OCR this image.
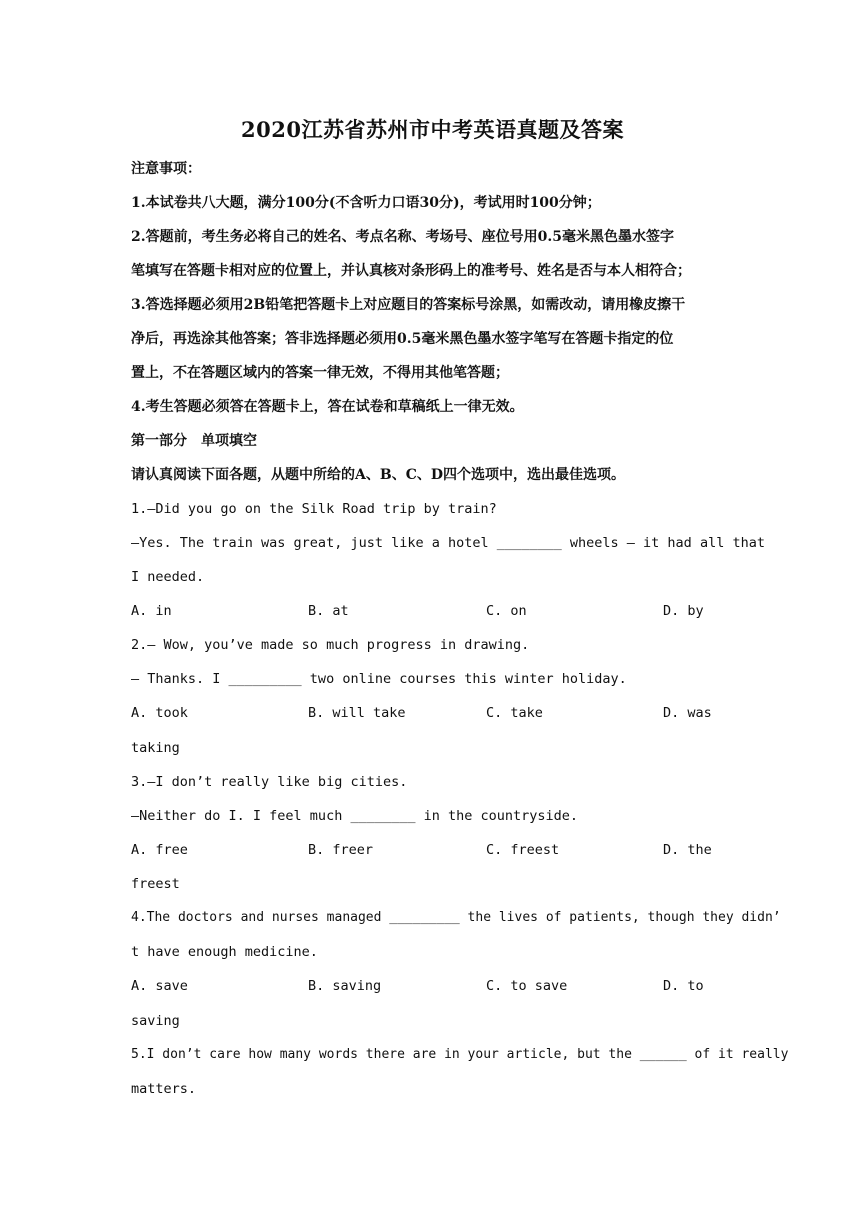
2020江苏省苏州市中考英语真题及答案
注意事项：
1.本试卷共八大题，满分100分(不含听力口语30分)，考试用时100分钟；
2.答题前，考生务必将自己的姓名、考点名称、考场号、座位号用0.5毫米黑色墨水签字
笔填写在答题卡相对应的位置上，并认真核对条形码上的准考号、姓名是否与本人相符合；
3.答选择题必须用2B铅笔把答题卡上对应题目的答案标号涂黑，如需改动，请用橡皮擦干
净后，再选涂其他答案；答非选择题必须用0.5毫米黑色墨水签字笔写在答题卡指定的位
置上，不在答题区域内的答案一律无效，不得用其他笔答题；
4.考生答题必须答在答题卡上，答在试卷和草稿纸上一律无效。
第一部分　单项填空
请认真阅读下面各题，从题中所给的A、B、C、D四个选项中，选出最佳选项。
1.—Did you go on the Silk Road trip by train?
—Yes. The train was great, just like a hotel ________ wheels — it had all that
I needed.
A. in	B. at	C. on	D. by
2.— Wow, you’ve made so much progress in drawing.
— Thanks. I _________ two online courses this winter holiday.
A. took	B. will take	C. take	D. was
taking
3.—I don’t really like big cities.
—Neither do I. I feel much ________ in the countryside.
A. free	B. freer	C. freest	D. the
freest
4.The doctors and nurses managed _________ the lives of patients, though they didn’
t have enough medicine.
A. save	B. saving	C. to save	D. to
saving
5.I don’t care how many words there are in your article, but the ______ of it really
matters.
